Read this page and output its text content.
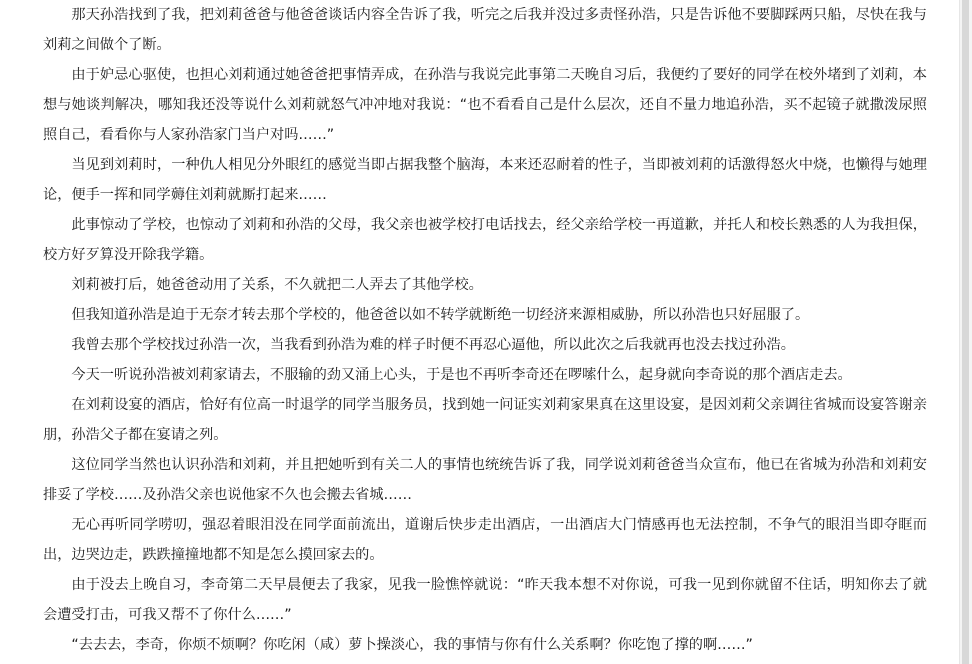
那天孙浩找到了我，把刘莉爸爸与他爸爸谈话内容全告诉了我，听完之后我并没过多责怪孙浩，只是告诉他不要脚踩两只船，尽快在我与刘莉之间做个了断。

由于妒忌心驱使，也担心刘莉通过她爸爸把事情弄成，在孙浩与我说完此事第二天晚自习后，我便约了要好的同学在校外堵到了刘莉，本想与她谈判解决，哪知我还没等说什么刘莉就怒气冲冲地对我说：“也不看看自己是什么层次，还自不量力地追孙浩，买不起镜子就撒泼尿照照自己，看看你与人家孙浩家门当户对吗……”

当见到刘莉时，一种仇人相见分外眼红的感觉当即占据我整个脑海，本来还忍耐着的性子，当即被刘莉的话激得怒火中烧，也懒得与她理论，便手一挥和同学薅住刘莉就厮打起来……

此事惊动了学校，也惊动了刘莉和孙浩的父母，我父亲也被学校打电话找去，经父亲给学校一再道歉，并托人和校长熟悉的人为我担保，校方好歹算没开除我学籍。

刘莉被打后，她爸爸动用了关系，不久就把二人弄去了其他学校。

但我知道孙浩是迫于无奈才转去那个学校的，他爸爸以如不转学就断绝一切经济来源相威胁，所以孙浩也只好屈服了。

我曾去那个学校找过孙浩一次，当我看到孙浩为难的样子时便不再忍心逼他，所以此次之后我就再也没去找过孙浩。

今天一听说孙浩被刘莉家请去，不服输的劲又涌上心头，于是也不再听李奇还在啰嗦什么，起身就向李奇说的那个酒店走去。

在刘莉设宴的酒店，恰好有位高一时退学的同学当服务员，找到她一问证实刘莉家果真在这里设宴，是因刘莉父亲调往省城而设宴答谢亲朋，孙浩父子都在宴请之列。

这位同学当然也认识孙浩和刘莉，并且把她听到有关二人的事情也统统告诉了我，同学说刘莉爸爸当众宣布，他已在省城为孙浩和刘莉安排妥了学校……及孙浩父亲也说他家不久也会搬去省城……

无心再听同学唠叨，强忍着眼泪没在同学面前流出，道谢后快步走出酒店，一出酒店大门情感再也无法控制，不争气的眼泪当即夺眶而出，边哭边走，跌跌撞撞地都不知是怎么摸回家去的。

由于没去上晚自习，李奇第二天早晨便去了我家，见我一脸憔悴就说：“昨天我本想不对你说，可我一见到你就留不住话，明知你去了就会遭受打击，可我又帮不了你什么……”

“去去去，李奇，你烦不烦啊？你吃闲（咸）萝卜操淡心，我的事情与你有什么关系啊？你吃饱了撑的啊……”
